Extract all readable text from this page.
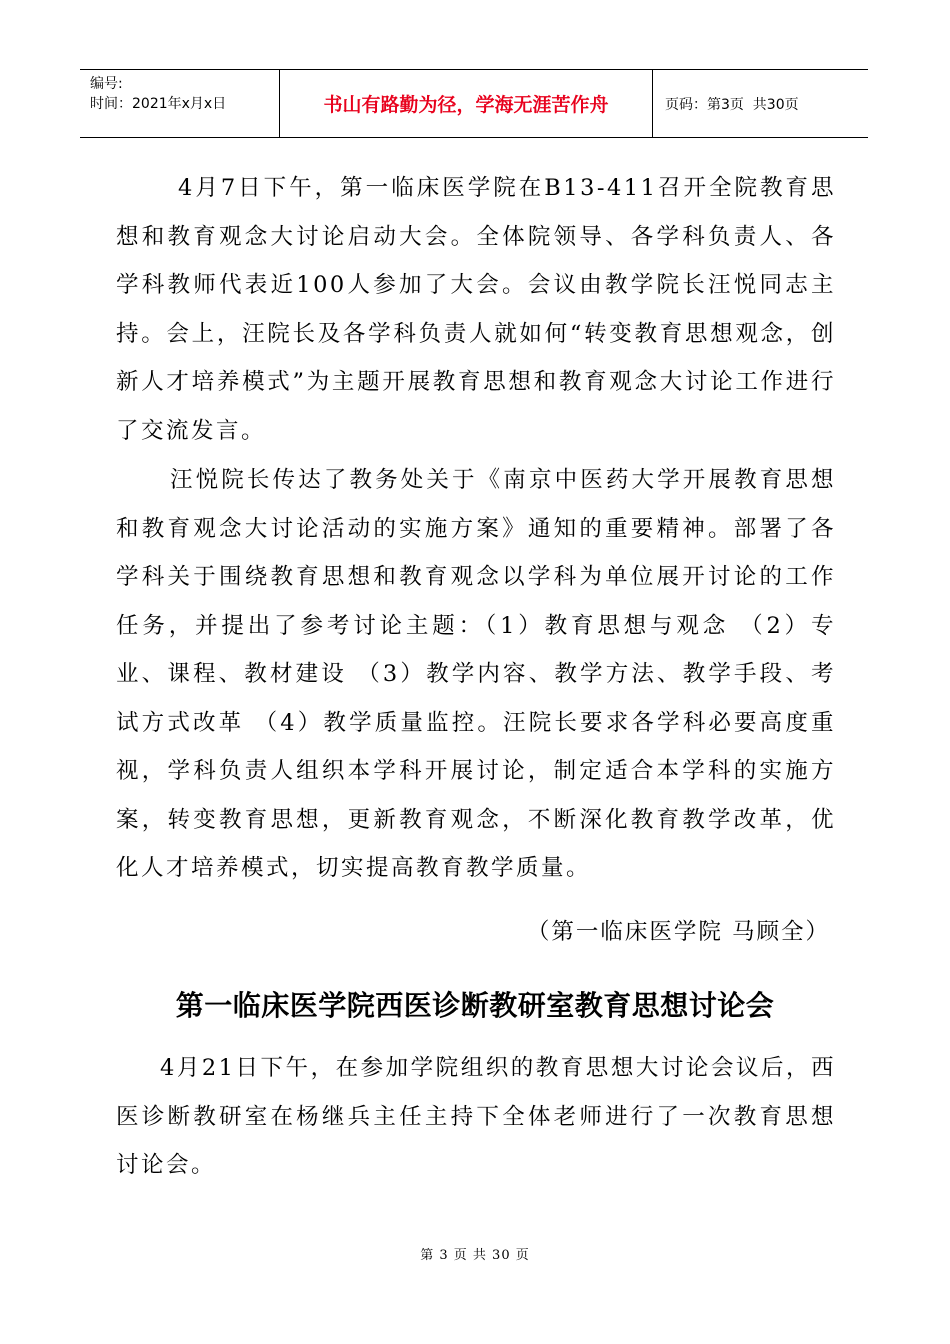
编号:
时间：2021年x月x日	书山有路勤为径，学海无涯苦作舟	页码：第3页  共30页

4月7日下午，第一临床医学院在B13-411召开全院教育思想和教育观念大讨论启动大会。全体院领导、各学科负责人、各学科教师代表近100人参加了大会。会议由教学院长汪悦同志主持。会上，汪院长及各学科负责人就如何“转变教育思想观念，创新人才培养模式”为主题开展教育思想和教育观念大讨论工作进行了交流发言。

汪悦院长传达了教务处关于《南京中医药大学开展教育思想和教育观念大讨论活动的实施方案》通知的重要精神。部署了各学科关于围绕教育思想和教育观念以学科为单位展开讨论的工作任务，并提出了参考讨论主题：（1）教育思想与观念 （2）专业、课程、教材建设 （3）教学内容、教学方法、教学手段、考试方式改革 （4）教学质量监控。汪院长要求各学科必要高度重视，学科负责人组织本学科开展讨论，制定适合本学科的实施方案，转变教育思想，更新教育观念，不断深化教育教学改革，优化人才培养模式，切实提高教育教学质量。

（第一临床医学院 马顾全）
第一临床医学院西医诊断教研室教育思想讨论会

4月21日下午，在参加学院组织的教育思想大讨论会议后，西医诊断教研室在杨继兵主任主持下全体老师进行了一次教育思想讨论会。

第 3 页 共 30 页
